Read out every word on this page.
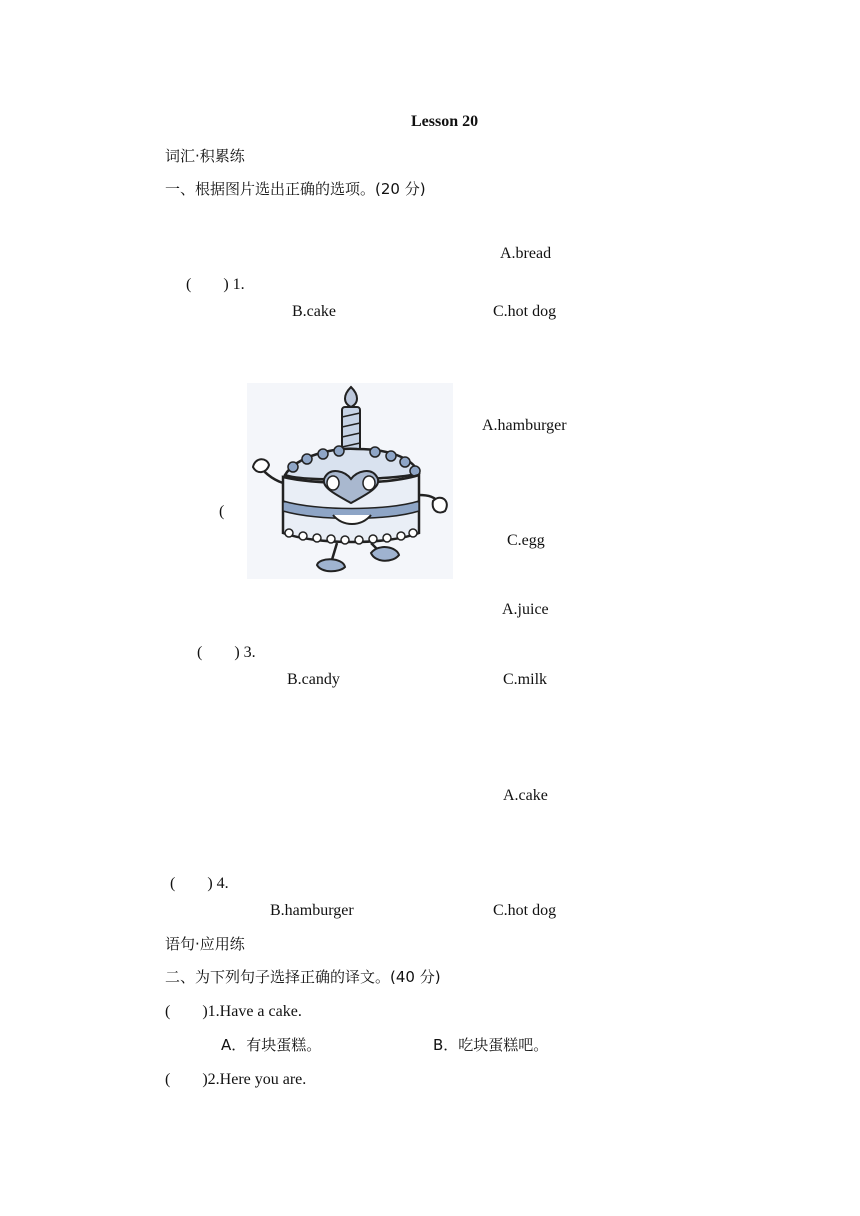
Lesson 20
词汇·积累练
一、根据图片选出正确的选项。(20 分)
A.bread
(　　) 1.
B.cake	C.hot dog
A.hamburger
(
C.egg
A.juice
(　　) 3.
B.candy	C.milk
A.cake
(　　) 4.
B.hamburger	C.hot dog
语句·应用练
二、为下列句子选择正确的译文。(40 分)
(　　)1.Have a cake.
A．有块蛋糕。	B．吃块蛋糕吧。
(　　)2.Here you are.
